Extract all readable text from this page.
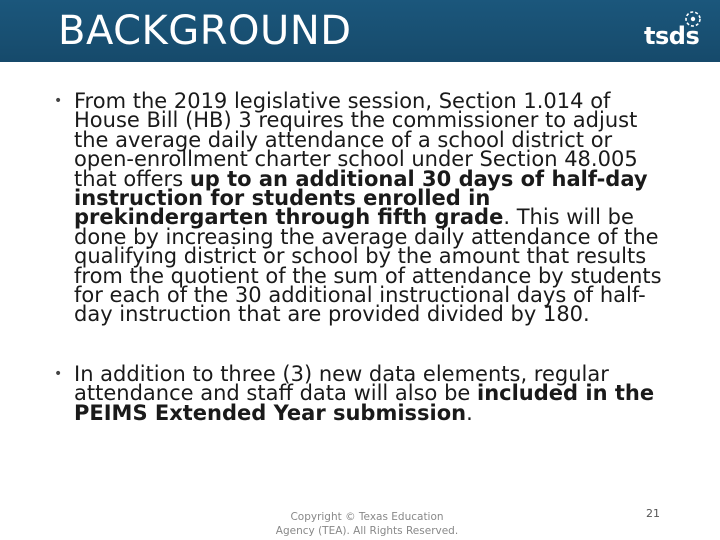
BACKGROUND	tsds

• From the 2019 legislative session, Section 1.014 of House Bill (HB) 3 requires the commissioner to adjust the average daily attendance of a school district or open-enrollment charter school under Section 48.005 that offers up to an additional 30 days of half-day instruction for students enrolled in prekindergarten through fifth grade. This will be done by increasing the average daily attendance of the qualifying district or school by the amount that results from the quotient of the sum of attendance by students for each of the 30 additional instructional days of half-day instruction that are provided divided by 180.

• In addition to three (3) new data elements, regular attendance and staff data will also be included in the PEIMS Extended Year submission.

Copyright © Texas Education
Agency (TEA). All Rights Reserved.
21
